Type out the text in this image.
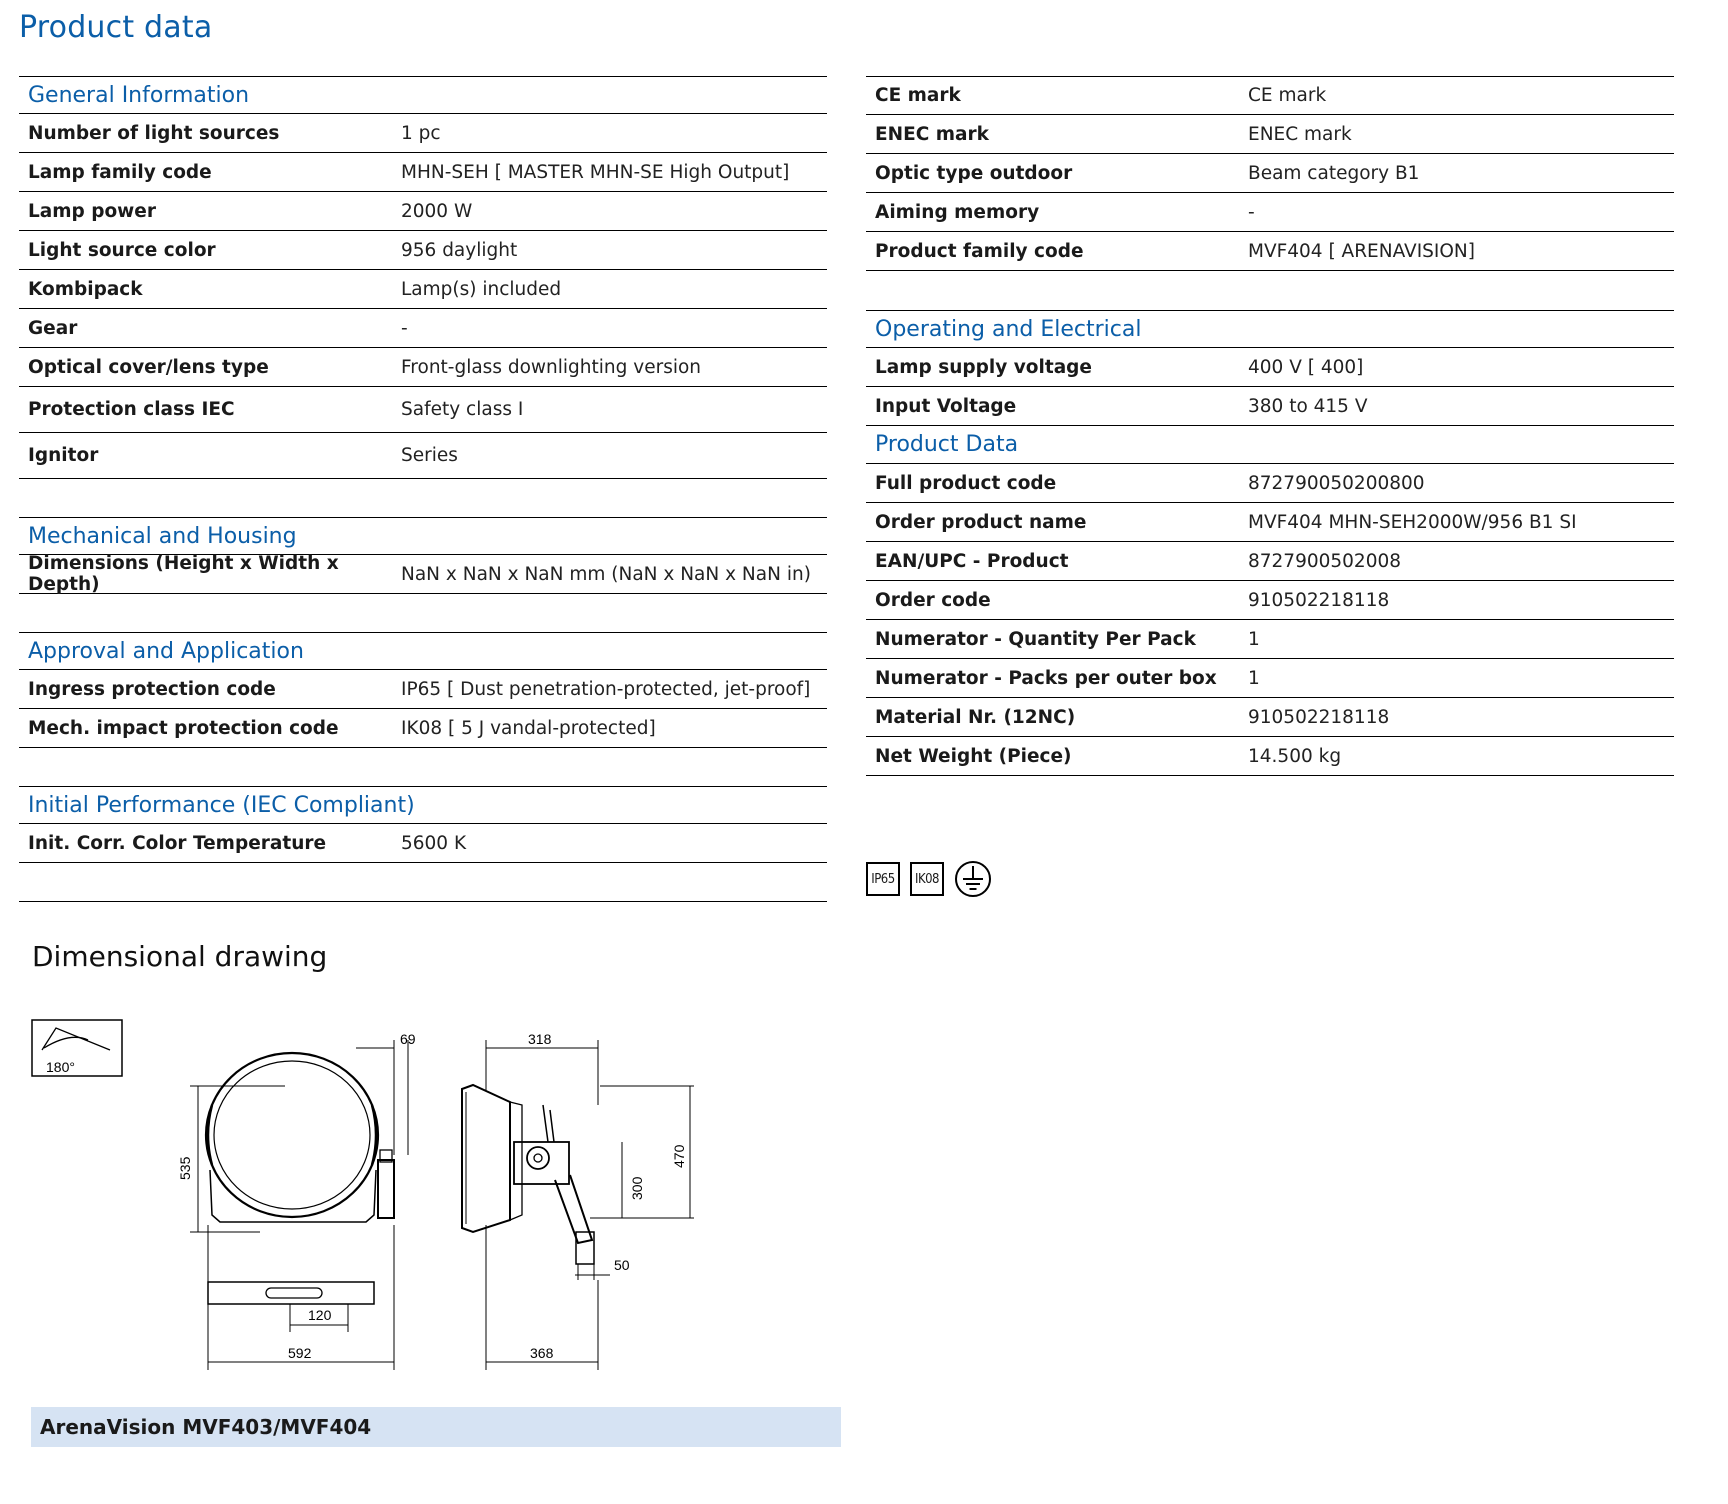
Product data
General Information
Number of light sources	1 pc
Lamp family code	MHN-SEH [ MASTER MHN-SE High Output]
Lamp power	2000 W
Light source color	956 daylight
Kombipack	Lamp(s) included
Gear	-
Optical cover/lens type	Front-glass downlighting version
Protection class IEC	Safety class I
Ignitor	Series
Mechanical and Housing
Dimensions (Height x Width x Depth)	NaN x NaN x NaN mm (NaN x NaN x NaN in)
Approval and Application
Ingress protection code	IP65 [ Dust penetration-protected, jet-proof]
Mech. impact protection code	IK08 [ 5 J vandal-protected]
Initial Performance (IEC Compliant)
Init. Corr. Color Temperature	5600 K
CE mark	CE mark
ENEC mark	ENEC mark
Optic type outdoor	Beam category B1
Aiming memory	-
Product family code	MVF404 [ ARENAVISION]
Operating and Electrical
Lamp supply voltage	400 V [ 400]
Input Voltage	380 to 415 V
Product Data
Full product code	872790050200800
Order product name	MVF404 MHN-SEH2000W/956 B1 SI
EAN/UPC - Product	8727900502008
Order code	910502218118
Numerator - Quantity Per Pack	1
Numerator - Packs per outer box	1
Material Nr. (12NC)	910502218118
Net Weight (Piece)	14.500 kg
IP65	IK08
Dimensional drawing
180°
69	318
535
470
300
50
120
592	368
ArenaVision MVF403/MVF404
